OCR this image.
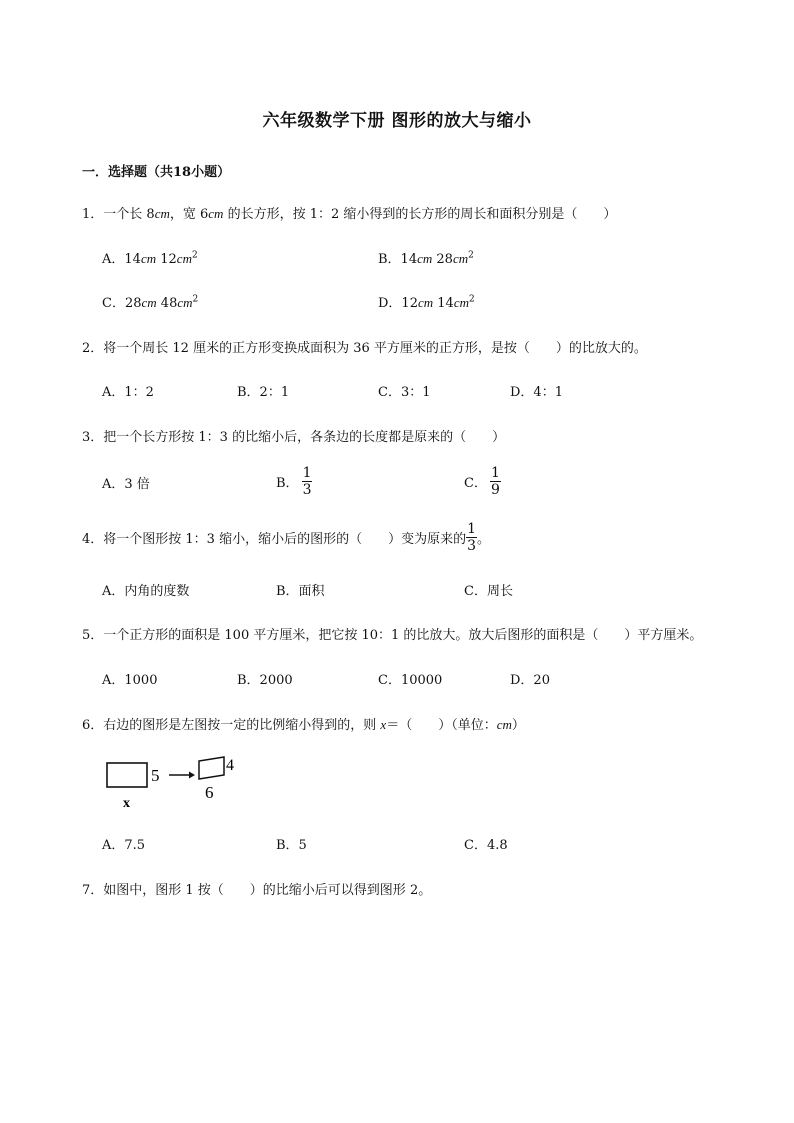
六年级数学下册 图形的放大与缩小
一．选择题（共18小题）
1．一个长 8cm，宽 6cm 的长方形，按 1：2 缩小得到的长方形的周长和面积分别是（　　）
A．14cm $12cm^2$	B．14cm $28cm^2$
C．28cm $48cm^2$	D．12cm $14cm^2$
2．将一个周长 12 厘米的正方形变换成面积为 36 平方厘米的正方形，是按（　　）的比放大的。
A．1：2	B．2：1	C．3：1	D．4：1
3．把一个长方形按 1：3 的比缩小后，各条边的长度都是原来的（　　）
A．3 倍	B． $\frac{1}{3}$	C． $\frac{1}{9}$
4．将一个图形按 1：3 缩小，缩小后的图形的（　　）变为原来的 $\frac{1}{3}$ 。
A．内角的度数	B．面积	C．周长
5．一个正方形的面积是 100 平方厘米，把它按 10：1 的比放大。放大后图形的面积是（　　）平方厘米。
A．1000	B．2000	C．10000	D．20
6．右边的图形是左图按一定的比例缩小得到的，则 x＝（　　）（单位：cm）
5
4
6
x
A．7.5	B．5	C．4.8
7．如图中，图形 1 按（　　）的比缩小后可以得到图形 2。
